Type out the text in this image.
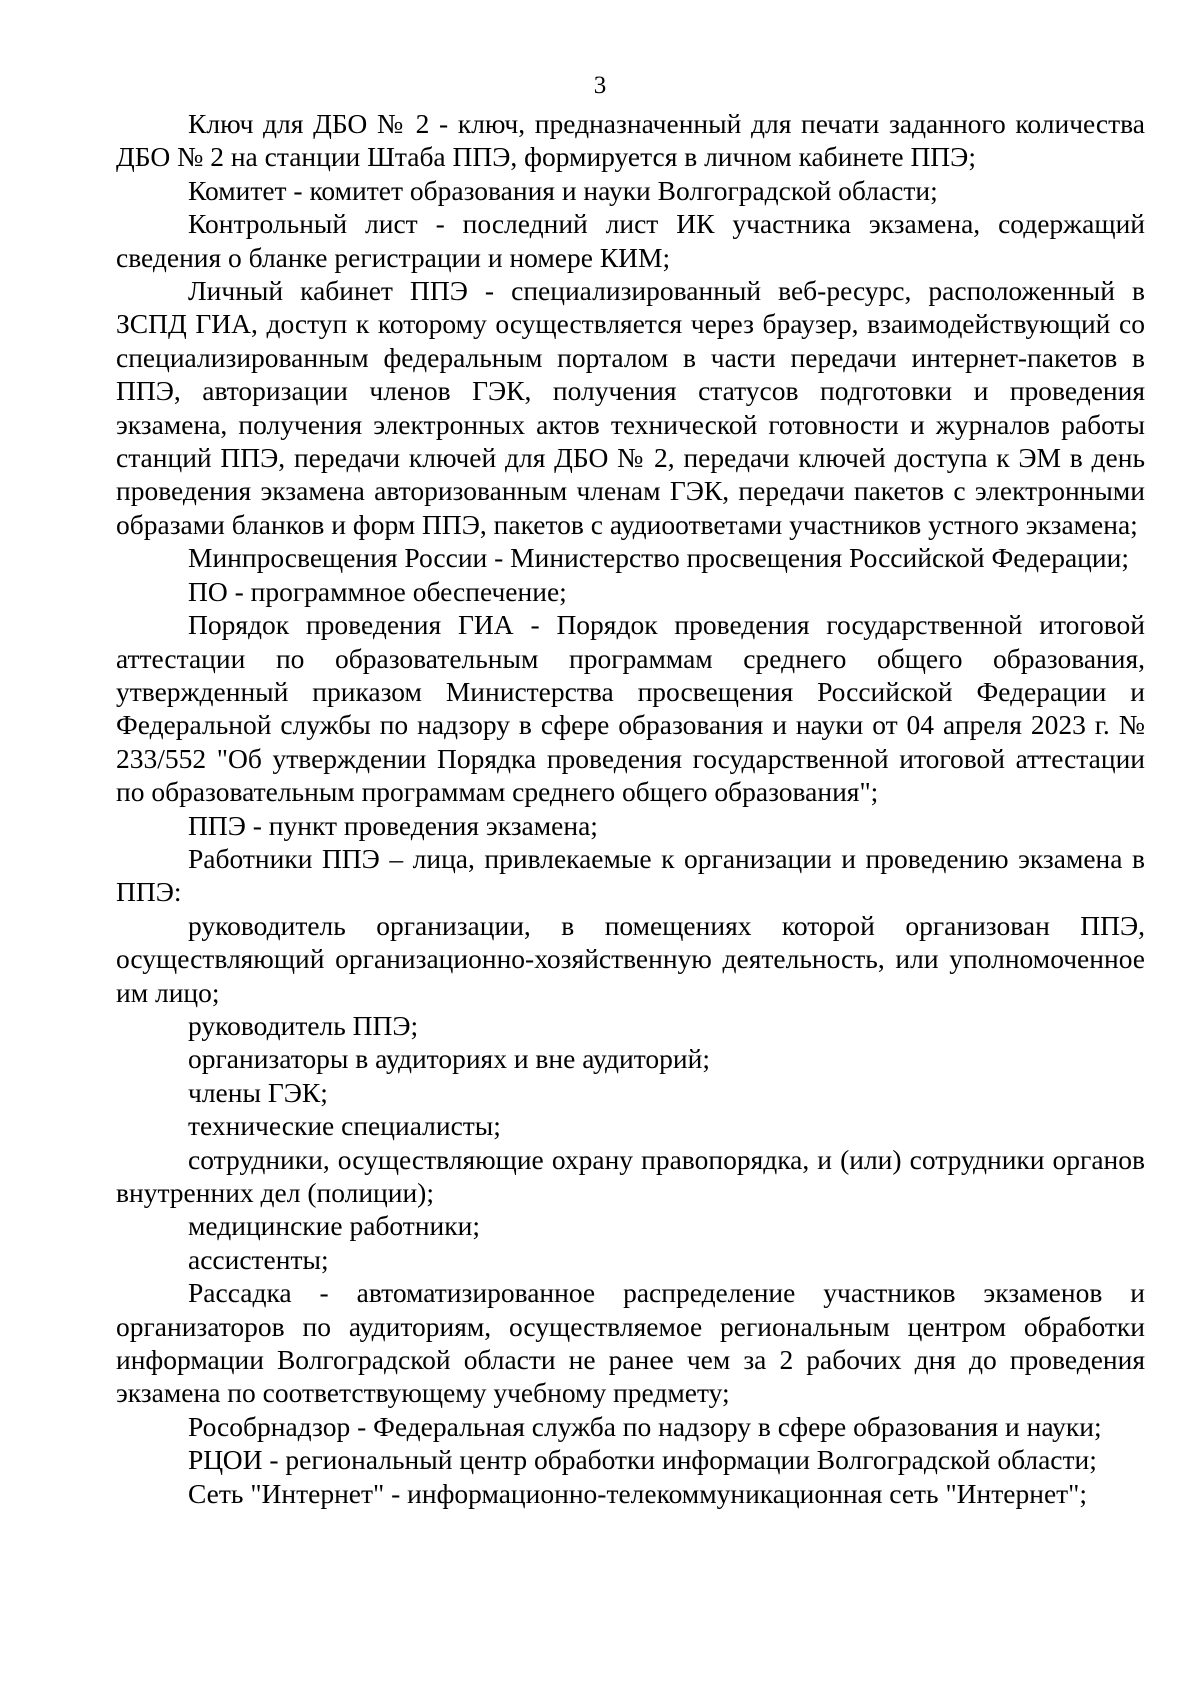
3

Ключ для ДБО № 2 - ключ, предназначенный для печати заданного количества ДБО № 2 на станции Штаба ППЭ, формируется в личном кабинете ППЭ;

Комитет - комитет образования и науки Волгоградской области;

Контрольный лист - последний лист ИК участника экзамена, содержащий сведения о бланке регистрации и номере КИМ;

Личный кабинет ППЭ - специализированный веб-ресурс, расположенный в ЗСПД ГИА, доступ к которому осуществляется через браузер, взаимодействующий со специализированным федеральным порталом в части передачи интернет-пакетов в ППЭ, авторизации членов ГЭК, получения статусов подготовки и проведения экзамена, получения электронных актов технической готовности и журналов работы станций ППЭ, передачи ключей для ДБО № 2, передачи ключей доступа к ЭМ в день проведения экзамена авторизованным членам ГЭК, передачи пакетов с электронными образами бланков и форм ППЭ, пакетов с аудиоответами участников устного экзамена;

Минпросвещения России - Министерство просвещения Российской Федерации;

ПО - программное обеспечение;

Порядок проведения ГИА - Порядок проведения государственной итоговой аттестации по образовательным программам среднего общего образования, утвержденный приказом Министерства просвещения Российской Федерации и Федеральной службы по надзору в сфере образования и науки от 04 апреля 2023 г. № 233/552 "Об утверждении Порядка проведения государственной итоговой аттестации по образовательным программам среднего общего образования";

ППЭ - пункт проведения экзамена;

Работники ППЭ – лица, привлекаемые к организации и проведению экзамена в ППЭ:

руководитель организации, в помещениях которой организован ППЭ, осуществляющий организационно-хозяйственную деятельность, или уполномоченное им лицо;

руководитель ППЭ;

организаторы в аудиториях и вне аудиторий;

члены ГЭК;

технические специалисты;

сотрудники, осуществляющие охрану правопорядка, и (или) сотрудники органов внутренних дел (полиции);

медицинские работники;

ассистенты;

Рассадка - автоматизированное распределение участников экзаменов и организаторов по аудиториям, осуществляемое региональным центром обработки информации Волгоградской области не ранее чем за 2 рабочих дня до проведения экзамена по соответствующему учебному предмету;

Рособрнадзор - Федеральная служба по надзору в сфере образования и науки;

РЦОИ - региональный центр обработки информации Волгоградской области;

Сеть "Интернет" - информационно-телекоммуникационная сеть "Интернет";
